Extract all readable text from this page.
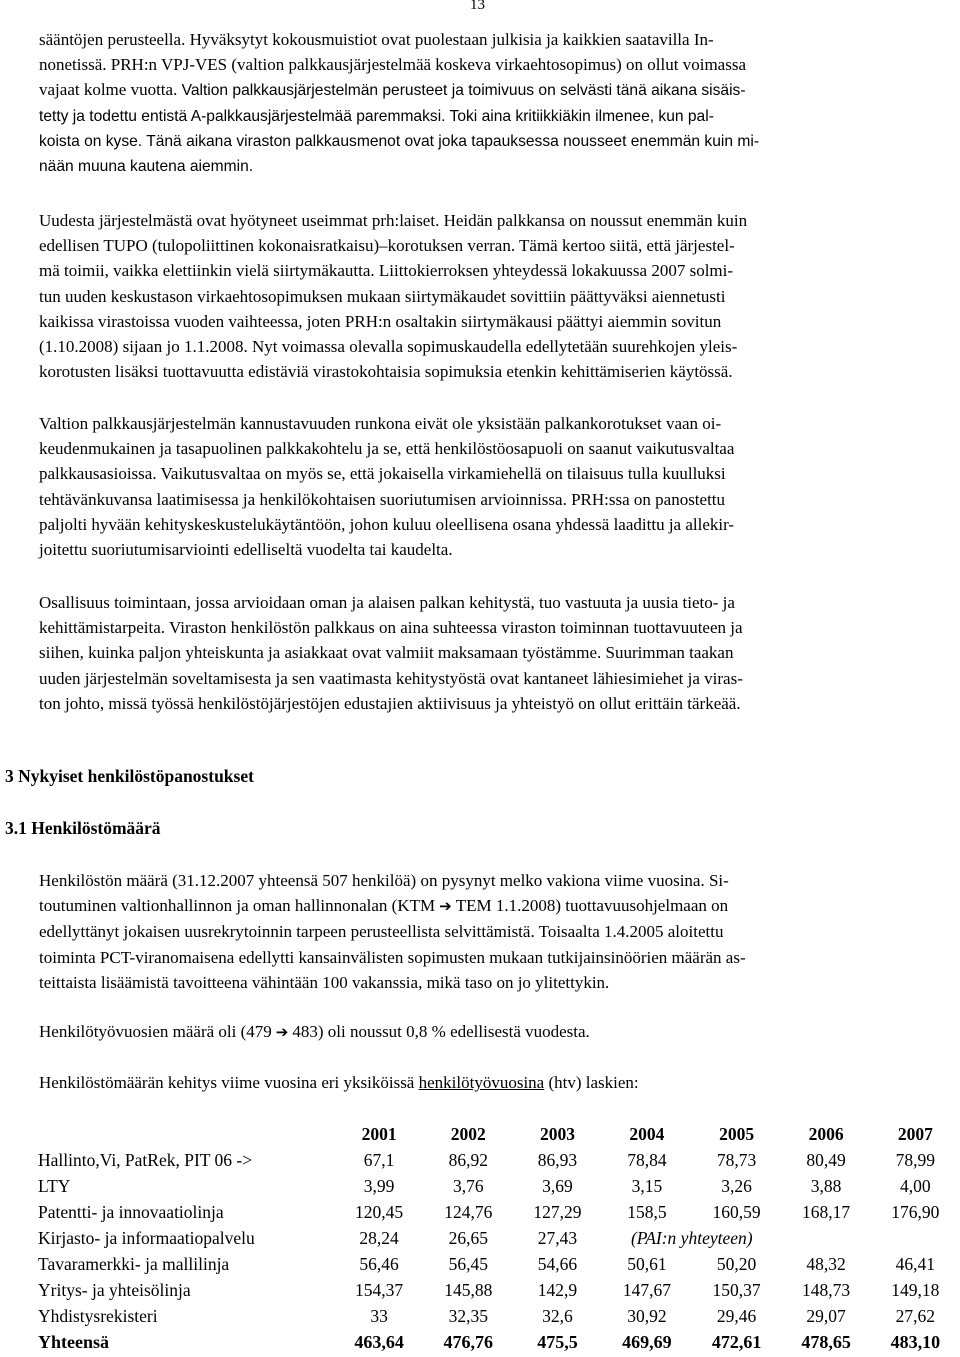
13
sääntöjen perusteella. Hyväksytyt kokousmuistiot ovat puolestaan julkisia ja kaikkien saatavilla In-
nonetissä. PRH:n VPJ-VES (valtion palkkausjärjestelmää koskeva virkaehtosopimus) on ollut voimassa
vajaat kolme vuotta. Valtion palkkausjärjestelmän perusteet ja toimivuus on selvästi tänä aikana sisäis-
tetty ja todettu entistä A-palkkausjärjestelmää paremmaksi. Toki aina kritiikkiäkin ilmenee, kun pal-
koista on kyse. Tänä aikana viraston palkkausmenot ovat joka tapauksessa nousseet enemmän kuin mi-
nään muuna kautena aiemmin.
Uudesta järjestelmästä ovat hyötyneet useimmat prh:laiset. Heidän palkkansa on noussut enemmän kuin
edellisen TUPO (tulopoliittinen kokonaisratkaisu)–korotuksen verran. Tämä kertoo siitä, että järjestel-
mä toimii, vaikka elettiinkin vielä siirtymäkautta. Liittokierroksen yhteydessä lokakuussa 2007 solmi-
tun uuden keskustason virkaehtosopimuksen mukaan siirtymäkaudet sovittiin päättyväksi aiennetusti
kaikissa virastoissa vuoden vaihteessa, joten PRH:n osaltakin siirtymäkausi päättyi aiemmin sovitun
(1.10.2008) sijaan jo 1.1.2008. Nyt voimassa olevalla sopimuskaudella edellytetään suurehkojen yleis-
korotusten lisäksi tuottavuutta edistäviä virastokohtaisia sopimuksia etenkin kehittämiserien käytössä.
Valtion palkkausjärjestelmän kannustavuuden runkona eivät ole yksistään palkankorotukset vaan oi-
keudenmukainen ja tasapuolinen palkkakohtelu ja se, että henkilöstöosapuoli on saanut vaikutusvaltaa
palkkausasioissa. Vaikutusvaltaa on myös se, että jokaisella virkamiehellä on tilaisuus tulla kuulluksi
tehtävänkuvansa laatimisessa ja henkilökohtaisen suoriutumisen arvioinnissa. PRH:ssa on panostettu
paljolti hyvään kehityskeskustelukäytäntöön, johon kuluu oleellisena osana yhdessä laadittu ja allekir-
joitettu suoriutumisarviointi edelliseltä vuodelta tai kaudelta.
Osallisuus toimintaan, jossa arvioidaan oman ja alaisen palkan kehitystä, tuo vastuuta ja uusia tieto- ja
kehittämistarpeita. Viraston henkilöstön palkkaus on aina suhteessa viraston toiminnan tuottavuuteen ja
siihen, kuinka paljon yhteiskunta ja asiakkaat ovat valmiit maksamaan työstämme. Suurimman taakan
uuden järjestelmän soveltamisesta ja sen vaatimasta kehitystyöstä ovat kantaneet lähiesimiehet ja viras-
ton johto, missä työssä henkilöstöjärjestöjen edustajien aktiivisuus ja yhteistyö on ollut erittäin tärkeää.
3 Nykyiset henkilöstöpanostukset
3.1 Henkilöstömäärä
Henkilöstön määrä (31.12.2007 yhteensä 507 henkilöä) on pysynyt melko vakiona viime vuosina. Si-
toutuminen valtionhallinnon ja oman hallinnonalan (KTM ➔ TEM 1.1.2008) tuottavuusohjelmaan on
edellyttänyt jokaisen uusrekrytoinnin tarpeen perusteellista selvittämistä. Toisaalta 1.4.2005 aloitettu
toiminta PCT-viranomaisena edellytti kansainvälisten sopimusten mukaan tutkijainsinöörien määrän as-
teittaista lisäämistä tavoitteena vähintään 100 vakanssia, mikä taso on jo ylitettykin.
Henkilötyövuosien määrä oli (479 ➔ 483) oli noussut 0,8 % edellisestä vuodesta.
Henkilöstömäärän kehitys viime vuosina eri yksiköissä henkilötyövuosina (htv) laskien:
	2001	2002	2003	2004	2005	2006	2007
Hallinto,Vi, PatRek, PIT 06 ->	67,1	86,92	86,93	78,84	78,73	80,49	78,99
LTY	3,99	3,76	3,69	3,15	3,26	3,88	4,00
Patentti- ja innovaatiolinja	120,45	124,76	127,29	158,5	160,59	168,17	176,90
Kirjasto- ja informaatiopalvelu	28,24	26,65	27,43	(PAI:n yhteyteen)			
Tavaramerkki- ja mallilinja	56,46	56,45	54,66	50,61	50,20	48,32	46,41
Yritys- ja yhteisölinja	154,37	145,88	142,9	147,67	150,37	148,73	149,18
Yhdistysrekisteri	33	32,35	32,6	30,92	29,46	29,07	27,62
Yhteensä	463,64	476,76	475,5	469,69	472,61	478,65	483,10
